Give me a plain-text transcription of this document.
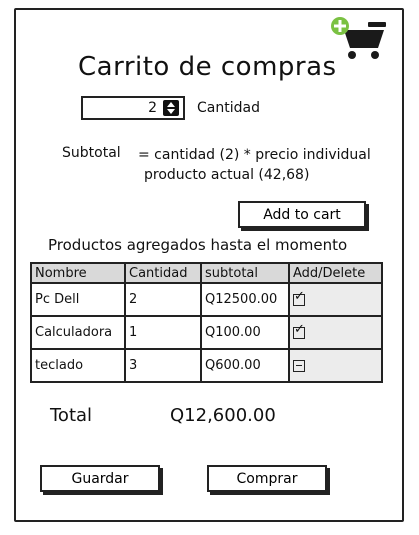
Carrito de compras
2	Cantidad
Subtotal = cantidad (2) * precio individual
producto actual (42,68)
Add to cart
Productos agregados hasta el momento
Nombre	Cantidad	subtotal	Add/Delete
Pc Dell	2	Q12500.00	✓
Calculadora	1	Q100.00	✓
teclado	3	Q600.00	
Total	Q12,600.00
Guardar	Comprar
